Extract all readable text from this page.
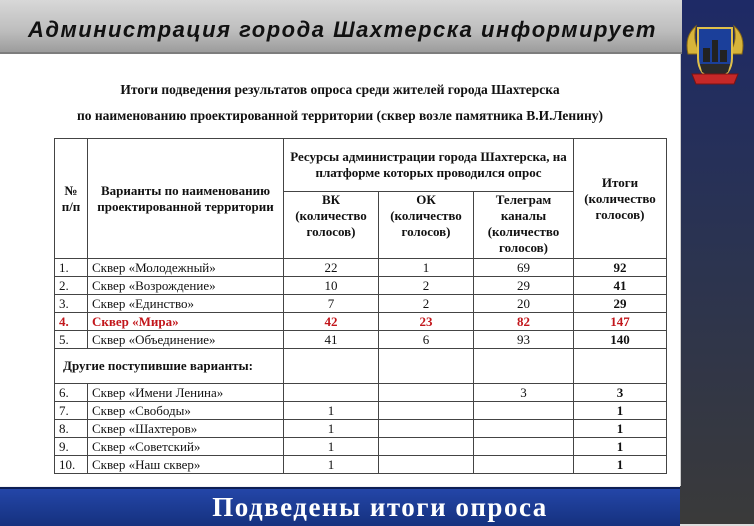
Администрация города Шахтерска информирует
Итоги подведения результатов опроса среди жителей города Шахтерска
по наименованию проектированной территории (сквер возле памятника В.И.Ленину)
№ п/п	Варианты по наименованию проектированной территории	Ресурсы администрации города Шахтерска, на платформе которых проводился опрос			Итоги (количество голосов)
		ВК (количество голосов)	ОК (количество голосов)	Телеграм каналы (количество голосов)	
1.	Сквер «Молодежный»	22	1	69	92
2.	Сквер «Возрождение»	10	2	29	41
3.	Сквер «Единство»	7	2	20	29
4.	Сквер «Мира»	42	23	82	147
5.	Сквер «Объединение»	41	6	93	140
Другие поступившие варианты:					
6.	Сквер «Имени Ленина»			3	3
7.	Сквер «Свободы»	1			1
8.	Сквер «Шахтеров»	1			1
9.	Сквер «Советский»	1			1
10.	Сквер «Наш сквер»	1			1
Подведены итоги опроса
